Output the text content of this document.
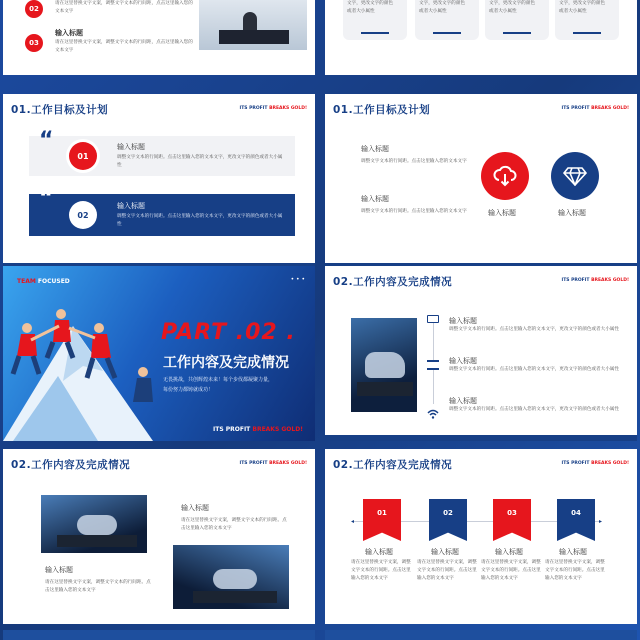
02
请在这里替换文字文案，调整文字文本的行间距，点击这里输入您的文本文字
03
输入标题
请在这里替换文字文案，调整文字文本的行间距，点击这里输入您的文本文字
文字，更改文字的颜色
或者大小属性
文字，更改文字的颜色
或者大小属性
文字，更改文字的颜色
或者大小属性
文字，更改文字的颜色
或者大小属性
01.工作目标及计划	ITS PROFIT BREAKS GOLD!
“
01
输入标题
调整文字文本的行间距。点击这里输入您的文本文字，更改文字的颜色或者大小属性
“
02
输入标题
调整文字文本的行间距。点击这里输入您的文本文字，更改文字的颜色或者大小属性
01.工作目标及计划	ITS PROFIT BREAKS GOLD!
输入标题
调整文字文本的行间距。点击这里输入您的文本文字
输入标题
调整文字文本的行间距。点击这里输入您的文本文字	输入标题	输入标题
TEAM FOCUSED	• • •
PART .02 .
工作内容及完成情况
无畏挑战，共创辉煌未来！每个步伐都凝聚力量，
每份努力都铸就成功！
ITS PROFIT BREAKS GOLD!
02.工作内容及完成情况	ITS PROFIT BREAKS GOLD!
输入标题
调整文字文本的行间距。点击这里输入您的文本文字，更改文字的颜色或者大小属性
输入标题
调整文字文本的行间距。点击这里输入您的文本文字，更改文字的颜色或者大小属性
输入标题
调整文字文本的行间距。点击这里输入您的文本文字，更改文字的颜色或者大小属性
02.工作内容及完成情况	ITS PROFIT BREAKS GOLD!
输入标题
请在这里替换文字文案，调整文字文本的行间距。点击这里输入您的文本文字
输入标题
请在这里替换文字文案，调整文字文本的行间距。点击这里输入您的文本文字
02.工作内容及完成情况	ITS PROFIT BREAKS GOLD!
◂	▸
01	02	03	04
输入标题
请在这里替换文字文案，调整文字文本的行间距。点击这里输入您的文本文字
输入标题
请在这里替换文字文案，调整文字文本的行间距。点击这里输入您的文本文字
输入标题
请在这里替换文字文案，调整文字文本的行间距。点击这里输入您的文本文字
输入标题
请在这里替换文字文案，调整文字文本的行间距。点击这里输入您的文本文字
